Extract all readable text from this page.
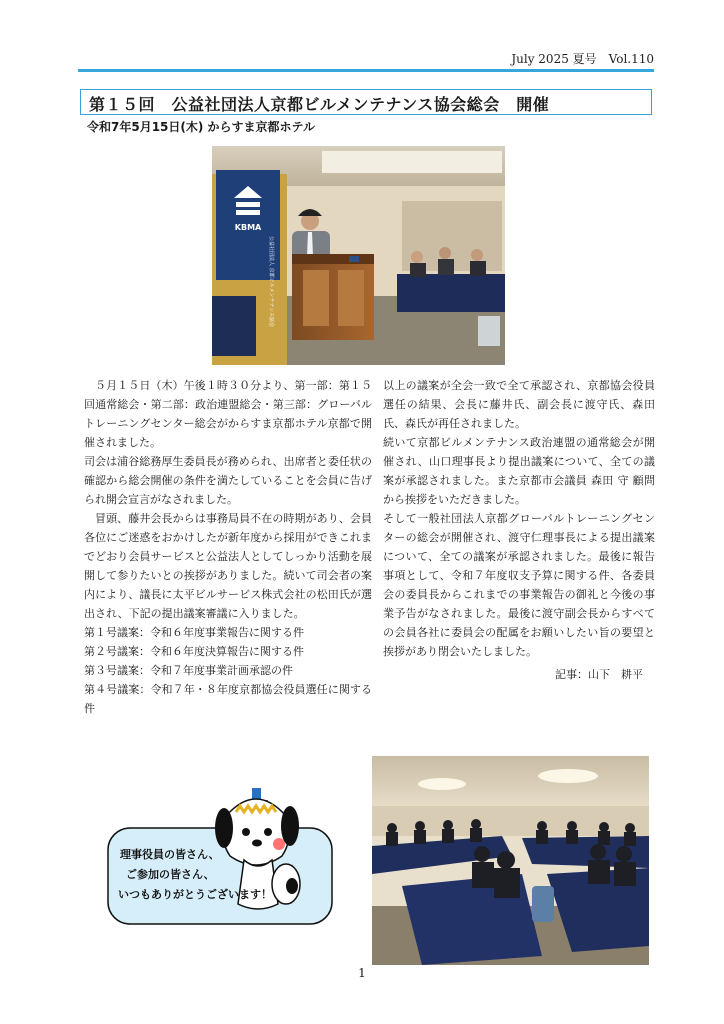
July 2025 夏号　Vol.110
第１５回　公益社団法人京都ビルメンテナンス協会総会　開催

令和7年5月15日(木) からすま京都ホテル

KBMA
公益社団法人 京都ビルメンテナンス協会

５月１５日（木）午後１時３０分より、第一部：第１５回通常総会・第二部：政治連盟総会・第三部：グローバルトレーニングセンター総会がからすま京都ホテル京都で開催されました。

司会は浦谷総務厚生委員長が務められ、出席者と委任状の確認から総会開催の条件を満たしていることを会員に告げられ開会宣言がなされました。

冒頭、藤井会長からは事務局員不在の時期があり、会員各位にご迷惑をおかけしたが新年度から採用ができこれまでどおり会員サービスと公益法人としてしっかり活動を展開して参りたいとの挨拶がありました。続いて司会者の案内により、議長に太平ビルサービス株式会社の松田氏が選出され、下記の提出議案審議に入りました。

第１号議案：令和６年度事業報告に関する件

第２号議案：令和６年度決算報告に関する件

第３号議案：令和７年度事業計画承認の件

第４号議案：令和７年・８年度京都協会役員選任に関する件

以上の議案が全会一致で全て承認され、京都協会役員選任の結果、会長に藤井氏、副会長に渡守氏、森田氏、森氏が再任されました。

続いて京都ビルメンテナンス政治連盟の通常総会が開催され、山口理事長より提出議案について、全ての議案が承認されました。また京都市会議員 森田 守 顧問から挨拶をいただきました。

そして一般社団法人京都グローバルトレーニングセンターの総会が開催され、渡守仁理事長による提出議案について、全ての議案が承認されました。最後に報告事項として、令和７年度収支予算に関する件、各委員会の委員長からこれまでの事業報告の御礼と今後の事業予告がなされました。最後に渡守副会長からすべての会員各社に委員会の配属をお願いしたい旨の要望と挨拶があり閉会いたしました。

記事：山下　耕平

理事役員の皆さん、
ご参加の皆さん、
いつもありがとうございます！
1
